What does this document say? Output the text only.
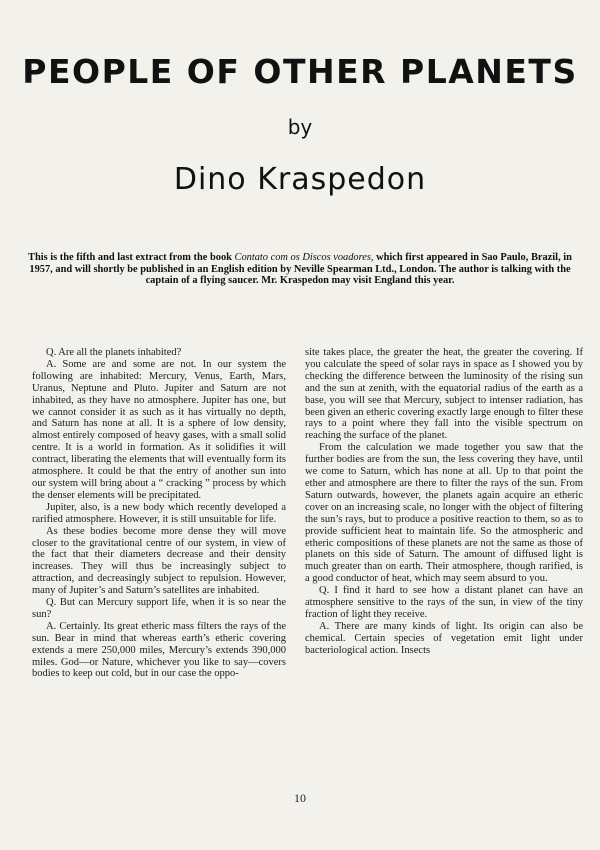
PEOPLE OF OTHER PLANETS
by
Dino Kraspedon
This is the fifth and last extract from the book Contato com os Discos voadores, which first appeared in Sao Paulo, Brazil, in 1957, and will shortly be published in an English edition by Neville Spearman Ltd., London. The author is talking with the captain of a flying saucer. Mr. Kraspedon may visit England this year.

Q. Are all the planets inhabited?

A. Some are and some are not. In our system the following are inhabited: Mercury, Venus, Earth, Mars, Uranus, Neptune and Pluto. Jupiter and Saturn are not inhabited, as they have no atmosphere. Jupiter has one, but we cannot consider it as such as it has virtually no depth, and Saturn has none at all. It is a sphere of low density, almost entirely composed of heavy gases, with a small solid centre. It is a world in formation. As it solidifies it will contract, liberating the elements that will eventually form its atmosphere. It could be that the entry of another sun into our system will bring about a “ cracking ” process by which the denser elements will be precipitated.

Jupiter, also, is a new body which recently developed a rarified atmosphere. However, it is still unsuitable for life.

As these bodies become more dense they will move closer to the gravitational centre of our system, in view of the fact that their diameters decrease and their density increases. They will thus be increasingly subject to attraction, and decreasingly subject to repulsion. However, many of Jupiter’s and Saturn’s satellites are inhabited.

Q. But can Mercury support life, when it is so near the sun?

A. Certainly. Its great etheric mass filters the rays of the sun. Bear in mind that whereas earth’s etheric covering extends a mere 250,000 miles, Mercury’s extends 390,000 miles. God—or Nature, whichever you like to say—covers bodies to keep out cold, but in our case the oppo-

site takes place, the greater the heat, the greater the covering. If you calculate the speed of solar rays in space as I showed you by checking the difference between the luminosity of the rising sun and the sun at zenith, with the equatorial radius of the earth as a base, you will see that Mercury, subject to intenser radiation, has been given an etheric covering exactly large enough to filter these rays to a point where they fall into the visible spectrum on reaching the surface of the planet.

From the calculation we made together you saw that the further bodies are from the sun, the less covering they have, until we come to Saturn, which has none at all. Up to that point the ether and atmosphere are there to filter the rays of the sun. From Saturn outwards, however, the planets again acquire an etheric cover on an increasing scale, no longer with the object of filtering the sun’s rays, but to produce a positive reaction to them, so as to provide sufficient heat to maintain life. So the atmospheric and etheric compositions of these planets are not the same as those of planets on this side of Saturn. The amount of diffused light is much greater than on earth. Their atmosphere, though rarified, is a good conductor of heat, which may seem absurd to you.

Q. I find it hard to see how a distant planet can have an atmosphere sensitive to the rays of the sun, in view of the tiny fraction of light they receive.

A. There are many kinds of light. Its origin can also be chemical. Certain species of vegetation emit light under bacteriological action. Insects

10
